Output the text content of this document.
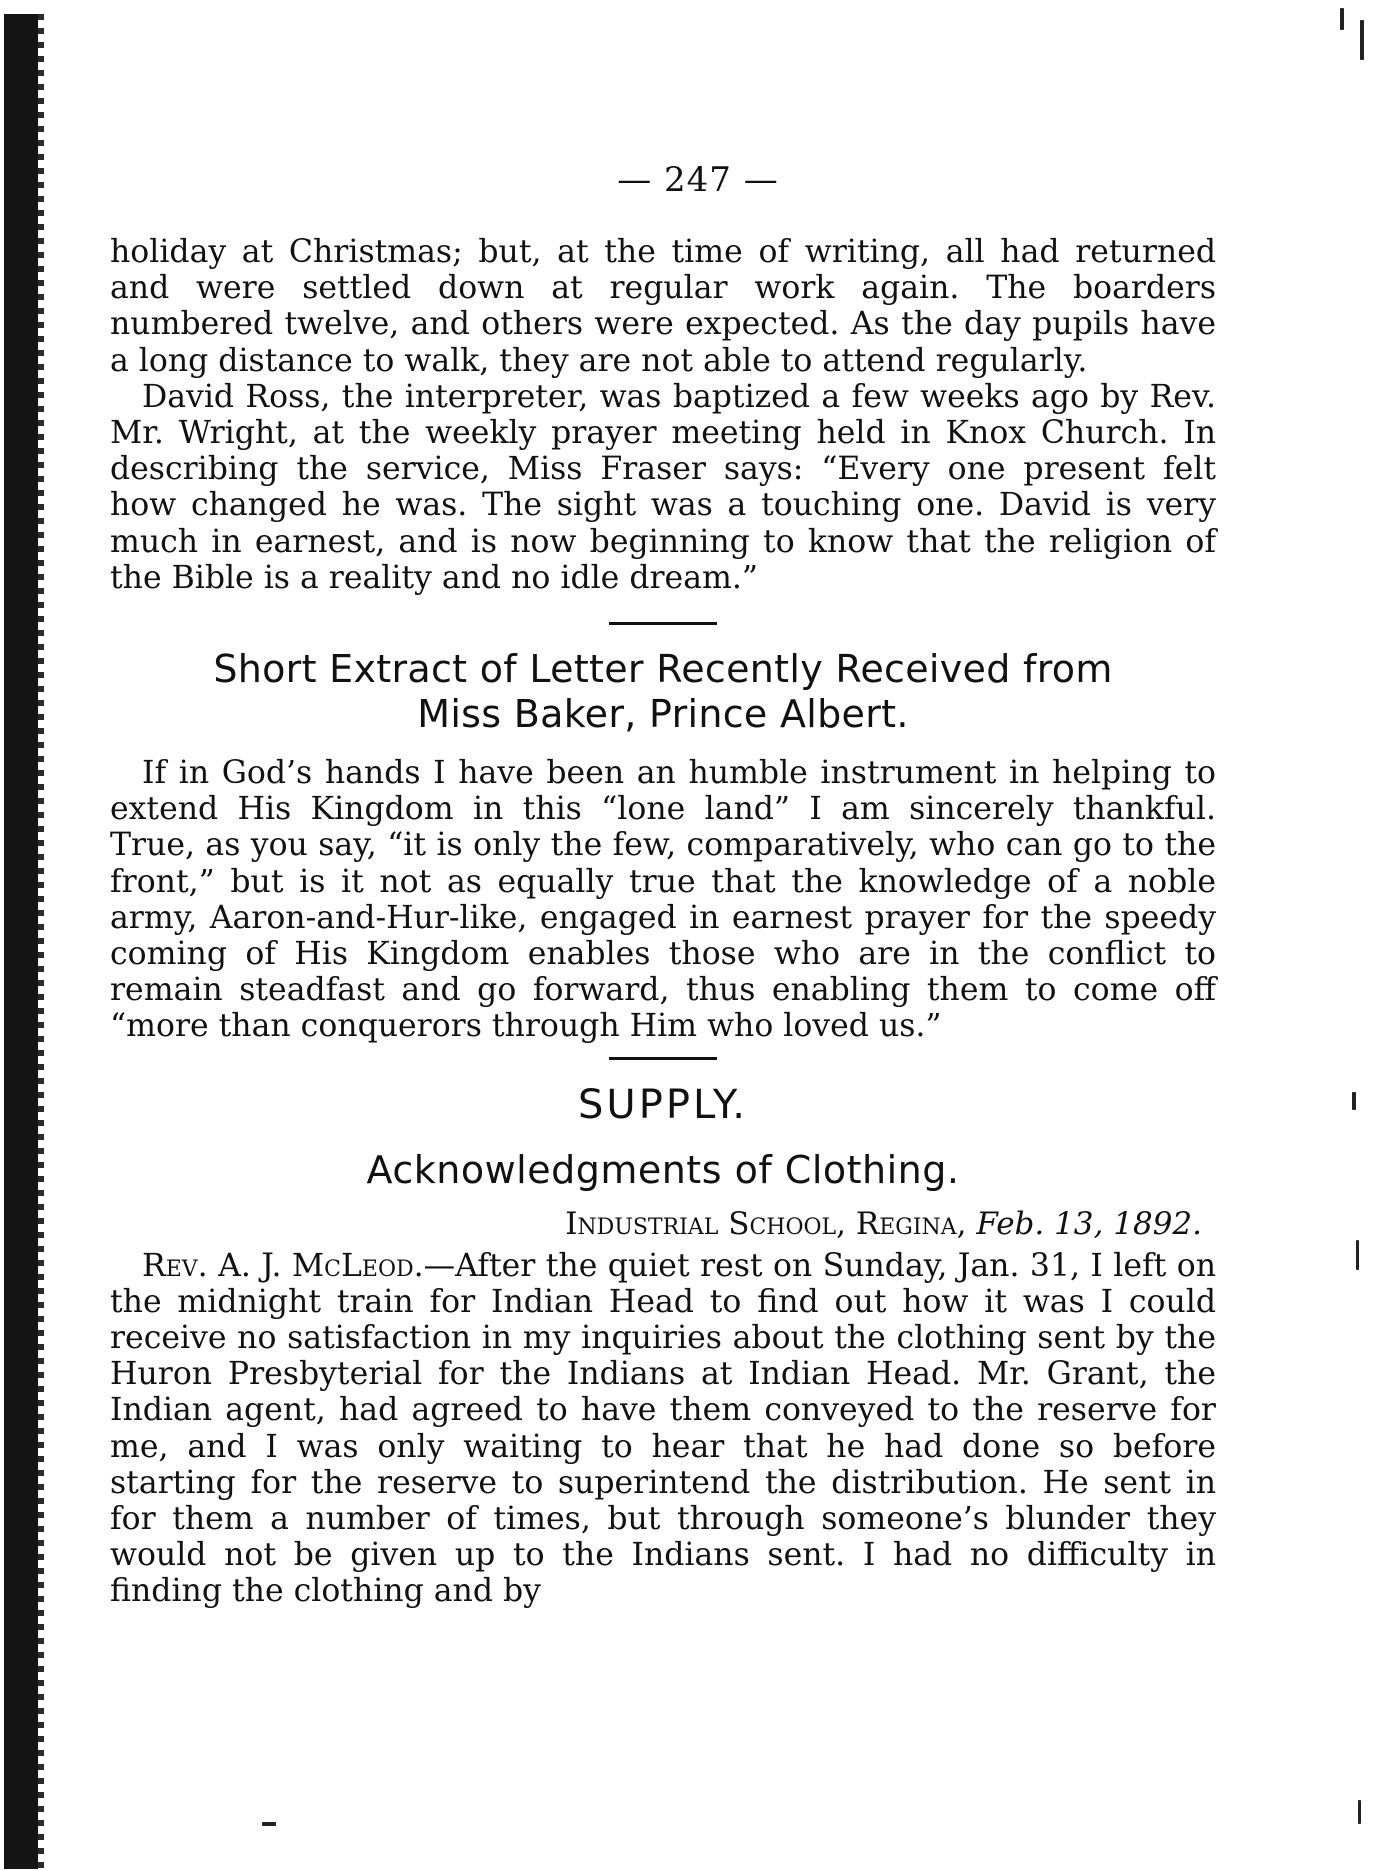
— 247 —

holiday at Christmas; but, at the time of writing, all had returned and were settled down at regular work again. The boarders numbered twelve, and others were expected. As the day pupils have a long distance to walk, they are not able to attend regularly.

David Ross, the interpreter, was baptized a few weeks ago by Rev. Mr. Wright, at the weekly prayer meeting held in Knox Church. In describing the service, Miss Fraser says: “Every one present felt how changed he was. The sight was a touching one. David is very much in earnest, and is now beginning to know that the religion of the Bible is a reality and no idle dream.”

Short Extract of Letter Recently Received from

Miss Baker, Prince Albert.

If in God’s hands I have been an humble instrument in helping to extend His Kingdom in this “lone land” I am sincerely thankful. True, as you say, “it is only the few, comparatively, who can go to the front,” but is it not as equally true that the knowledge of a noble army, Aaron-and-Hur-like, engaged in earnest prayer for the speedy coming of His Kingdom enables those who are in the conflict to remain steadfast and go forward, thus enabling them to come off “more than conquerors through Him who loved us.”

SUPPLY.

Acknowledgments of Clothing.

Industrial School, Regina, Feb. 13, 1892.

Rev. A. J. McLeod.—After the quiet rest on Sunday, Jan. 31, I left on the midnight train for Indian Head to find out how it was I could receive no satisfaction in my inquiries about the clothing sent by the Huron Presbyterial for the Indians at Indian Head. Mr. Grant, the Indian agent, had agreed to have them conveyed to the reserve for me, and I was only waiting to hear that he had done so before starting for the reserve to superintend the distribution. He sent in for them a number of times, but through someone’s blunder they would not be given up to the Indians sent. I had no difficulty in finding the clothing and by
